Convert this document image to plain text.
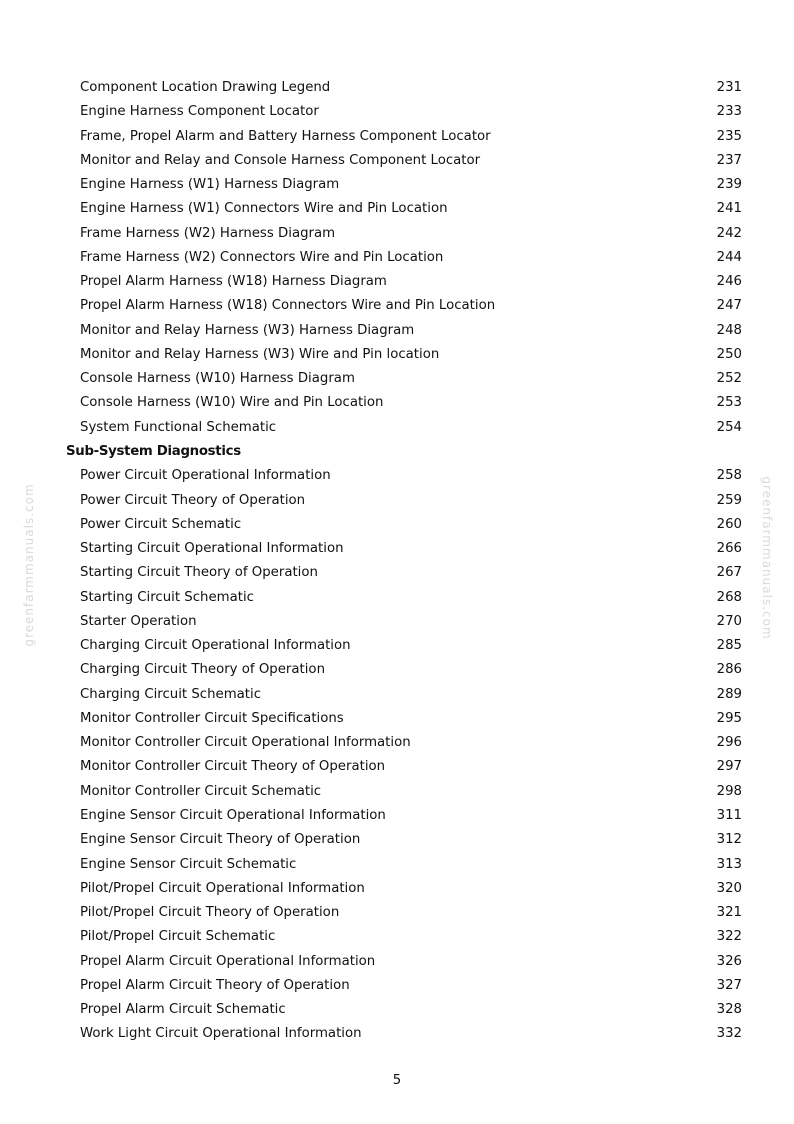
greenfarmmanuals.com	greenfarmmanuals.com
Component Location Drawing Legend	231
Engine Harness Component Locator	233
Frame, Propel Alarm and Battery Harness Component Locator	235
Monitor and Relay and Console Harness Component Locator	237
Engine Harness (W1) Harness Diagram	239
Engine Harness (W1) Connectors Wire and Pin Location	241
Frame Harness (W2) Harness Diagram	242
Frame Harness (W2) Connectors Wire and Pin Location	244
Propel Alarm Harness (W18) Harness Diagram	246
Propel Alarm Harness (W18) Connectors Wire and Pin Location	247
Monitor and Relay Harness (W3) Harness Diagram	248
Monitor and Relay Harness (W3) Wire and Pin location	250
Console Harness (W10) Harness Diagram	252
Console Harness (W10) Wire and Pin Location	253
System Functional Schematic	254
Sub-System Diagnostics
Power Circuit Operational Information	258
Power Circuit Theory of Operation	259
Power Circuit Schematic	260
Starting Circuit Operational Information	266
Starting Circuit Theory of Operation	267
Starting Circuit Schematic	268
Starter Operation	270
Charging Circuit Operational Information	285
Charging Circuit Theory of Operation	286
Charging Circuit Schematic	289
Monitor Controller Circuit Specifications	295
Monitor Controller Circuit Operational Information	296
Monitor Controller Circuit Theory of Operation	297
Monitor Controller Circuit Schematic	298
Engine Sensor Circuit Operational Information	311
Engine Sensor Circuit Theory of Operation	312
Engine Sensor Circuit Schematic	313
Pilot/Propel Circuit Operational Information	320
Pilot/Propel Circuit Theory of Operation	321
Pilot/Propel Circuit Schematic	322
Propel Alarm Circuit Operational Information	326
Propel Alarm Circuit Theory of Operation	327
Propel Alarm Circuit Schematic	328
Work Light Circuit Operational Information	332
5
